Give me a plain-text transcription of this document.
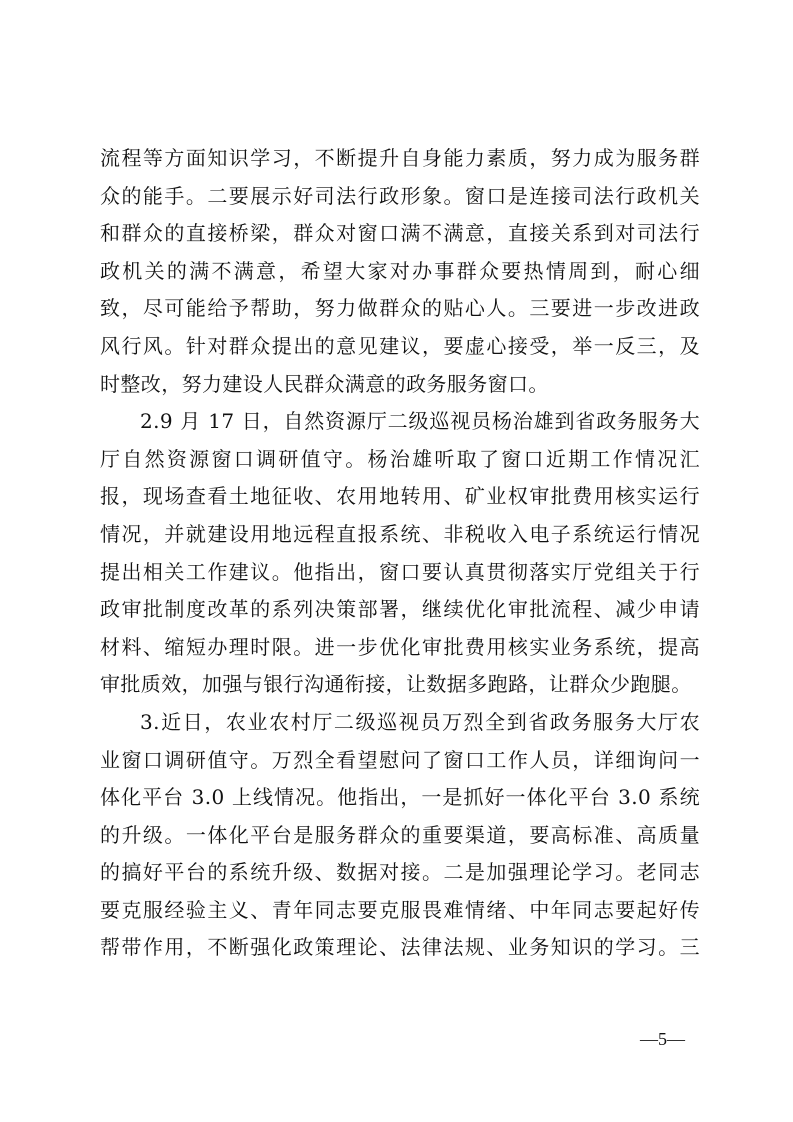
流程等方面知识学习，不断提升自身能力素质，努力成为服务群
众的能手。二要展示好司法行政形象。窗口是连接司法行政机关
和群众的直接桥梁，群众对窗口满不满意，直接关系到对司法行
政机关的满不满意，希望大家对办事群众要热情周到，耐心细
致，尽可能给予帮助，努力做群众的贴心人。三要进一步改进政
风行风。针对群众提出的意见建议，要虚心接受，举一反三，及
时整改，努力建设人民群众满意的政务服务窗口。
2.9 月 17 日，自然资源厅二级巡视员杨治雄到省政务服务大
厅自然资源窗口调研值守。杨治雄听取了窗口近期工作情况汇
报，现场查看土地征收、农用地转用、矿业权审批费用核实运行
情况，并就建设用地远程直报系统、非税收入电子系统运行情况
提出相关工作建议。他指出，窗口要认真贯彻落实厅党组关于行
政审批制度改革的系列决策部署，继续优化审批流程、减少申请
材料、缩短办理时限。进一步优化审批费用核实业务系统，提高
审批质效，加强与银行沟通衔接，让数据多跑路，让群众少跑腿。
3.近日，农业农村厅二级巡视员万烈全到省政务服务大厅农
业窗口调研值守。万烈全看望慰问了窗口工作人员，详细询问一
体化平台 3.0 上线情况。他指出，一是抓好一体化平台 3.0 系统
的升级。一体化平台是服务群众的重要渠道，要高标准、高质量
的搞好平台的系统升级、数据对接。二是加强理论学习。老同志
要克服经验主义、青年同志要克服畏难情绪、中年同志要起好传
帮带作用，不断强化政策理论、法律法规、业务知识的学习。三
—5—
